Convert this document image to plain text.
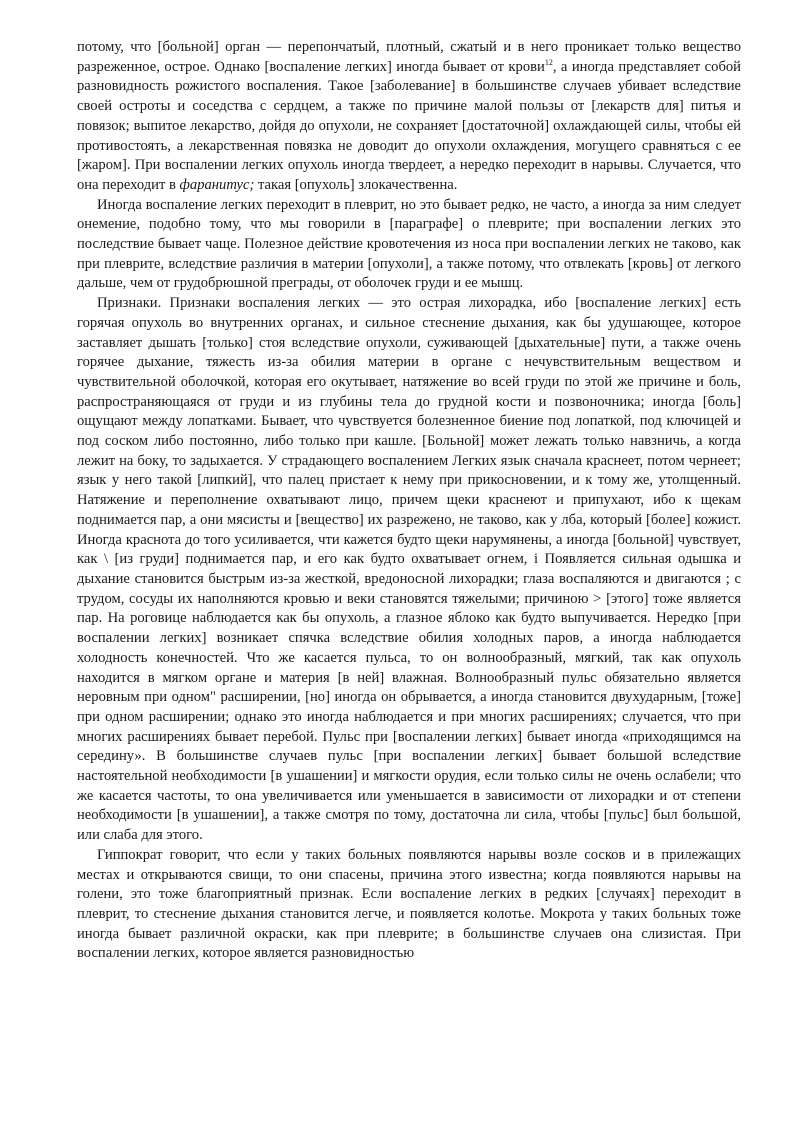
потому, что [больной] орган — перепончатый, плотный, сжатый и в него проникает только вещество разреженное, острое. Однако [воспаление легких] иногда бывает от крови$^{12}$, а иногда представляет собой разновидность рожистого воспаления. Такое [заболевание] в большинстве случаев убивает вследствие своей остроты и соседства с сердцем, а также по причине малой пользы от [лекарств для] питья и повязок; выпитое лекарство, дойдя до опухоли, не сохраняет [достаточной] охлаждающей силы, чтобы ей противостоять, а лекарственная повязка не доводит до опухоли охлаждения, могущего сравняться с ее [жаром]. При воспалении легких опухоль иногда твердеет, а нередко переходит в нарывы. Случается, что она переходит в фаранитус; такая [опухоль] злокачественна.

Иногда воспаление легких переходит в плеврит, но это бывает редко, не часто, а иногда за ним следует онемение, подобно тому, что мы говорили в [параграфе] о плеврите; при воспалении легких это последствие бывает чаще. Полезное действие кровотечения из носа при воспалении легких не таково, как при плеврите, вследствие различия в материи [опухоли], а также потому, что отвлекать [кровь] от легкого дальше, чем от грудобрюшной преграды, от оболочек груди и ее мышц.

Признаки. Признаки воспаления легких — это острая лихорадка, ибо [воспаление легких] есть горячая опухоль во внутренних органах, и сильное стеснение дыхания, как бы удушающее, которое заставляет дышать [только] стоя вследствие опухоли, суживающей [дыхательные] пути, а также очень горячее дыхание, тяжесть из-за обилия материи в органе с нечувствительным веществом и чувствительной оболочкой, которая его окутывает, натяжение во всей груди по этой же причине и боль, распространяющаяся от груди и из глубины тела до грудной кости и позвоночника; иногда [боль] ощущают между лопатками. Бывает, что чувствуется болезненное биение под лопаткой, под ключицей и под соском либо постоянно, либо только при кашле. [Больной] может лежать только навзничь, а когда лежит на боку, то задыхается. У страдающего воспалением Легких язык сначала краснеет, потом чернеет; язык у него такой [липкий], что палец пристает к нему при прикосновении, и к тому же, утолщенный. Натяжение и переполнение охватывают лицо, причем щеки краснеют и припухают, ибо к щекам поднимается пар, а они мясисты и [вещество] их разрежено, не таково, как у лба, который [более] кожист. Иногда краснота до того усиливается, чти кажется будто щеки нарумянены, а иногда [больной] чувствует, как \ [из груди] поднимается пар, и его как будто охватывает огнем, i Появляется сильная одышка и дыхание становится быстрым из-за жесткой, вредоносной лихорадки; глаза воспаляются и двигаются ; с трудом, сосуды их наполняются кровью и веки становятся тяжелыми; причиною > [этого] тоже является пар. На роговице наблюдается как бы опухоль, а глазное яблоко как будто выпучивается. Нередко [при воспалении легких] возникает спячка вследствие обилия холодных паров, а иногда наблюдается холодность конечностей. Что же касается пульса, то он волнообразный, мягкий, так как опухоль находится в мягком органе и материя [в ней] влажная. Волнообразный пульс обязательно является неровным при одном" расширении, [но] иногда он обрывается, а иногда становится двухударным, [тоже] при одном расширении; однако это иногда наблюдается и при многих расширениях; случается, что при многих расширениях бывает перебой. Пульс при [воспалении легких] бывает иногда «приходящимся на середину». В большинстве случаев пульс [при воспалении легких] бывает большой вследствие настоятельной необходимости [в ушашении] и мягкости орудия, если только силы не очень ослабели; что же касается частоты, то она увеличивается или уменьшается в зависимости от лихорадки и от степени необходимости [в ушашении], а также смотря по тому, достаточна ли сила, чтобы [пульс] был большой, или слаба для этого.

Гиппократ говорит, что если у таких больных появляются нарывы возле сосков и в прилежащих местах и открываются свищи, то они спасены, причина этого известна; когда появляются нарывы на голени, это тоже благоприятный признак. Если воспаление легких в редких [случаях] переходит в плеврит, то стеснение дыхания становится легче, и появляется колотье. Мокрота у таких больных тоже иногда бывает различной окраски, как при плеврите; в большинстве случаев она слизистая. При воспалении легких, которое является разновидностью
